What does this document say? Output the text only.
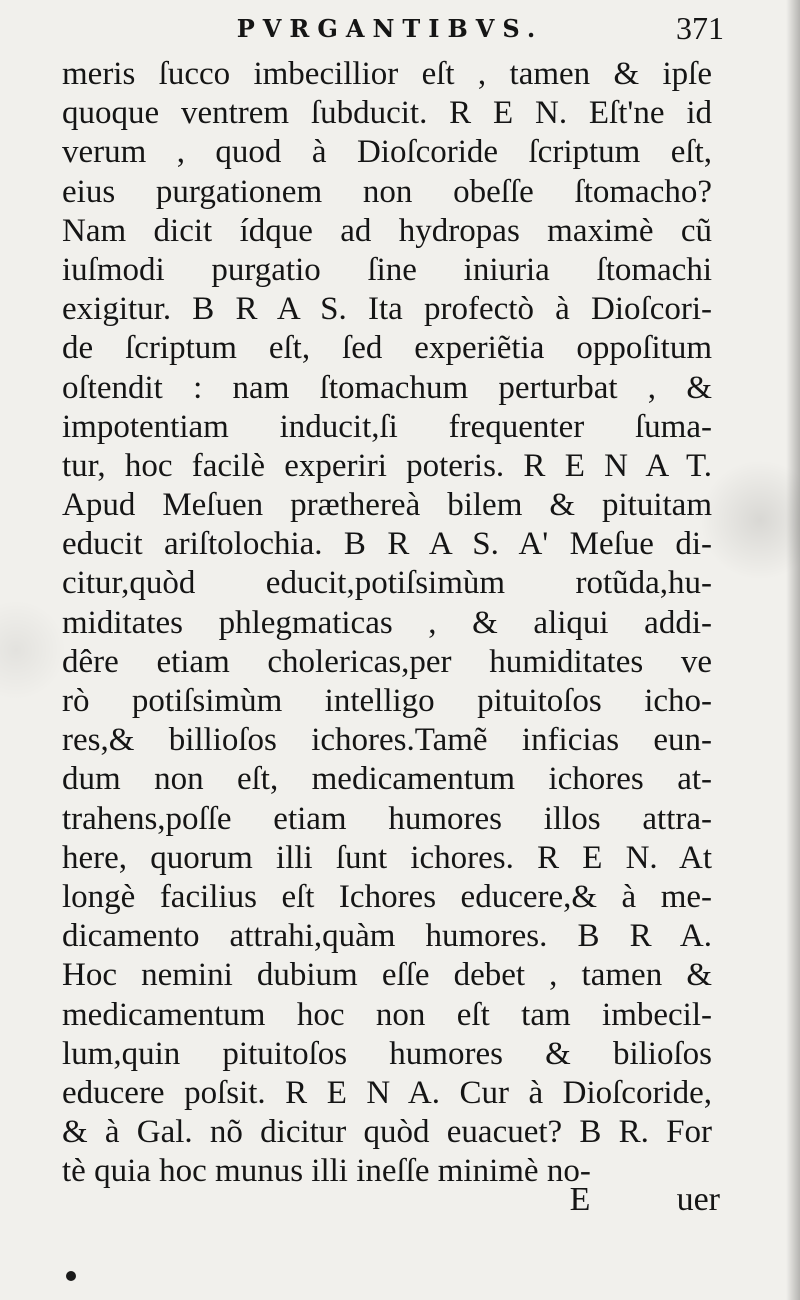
PVRGANTIBVS.	371
meris ſucco imbecillior eſt , tamen & ipſe
quoque ventrem ſubducit. R E N. Eſt'ne id
verum , quod à Dioſcoride ſcriptum eſt,
eius purgationem non obeſſe ſtomacho?
Nam dicit ídque ad hydropas maximè cũ
iuſmodi purgatio ſine iniuria ſtomachi
exigitur. B R A S. Ita profectò à Dioſcori-
de ſcriptum eſt, ſed experiẽtia oppoſitum
oſtendit : nam ſtomachum perturbat , &
impotentiam inducit,ſi frequenter ſuma-
tur, hoc facilè experiri poteris. R E N A T.
Apud Meſuen præthereà bilem & pituitam
educit ariſtolochia. B R A S. A' Meſue di-
citur,quòd educit,potiſsimùm rotũda,hu-
miditates phlegmaticas , & aliqui addi-
dêre etiam cholericas,per humiditates ve
rò potiſsimùm intelligo pituitoſos icho-
res,& billioſos ichores.Tamẽ inficias eun-
dum non eſt, medicamentum ichores at-
trahens,poſſe etiam humores illos attra-
here, quorum illi ſunt ichores. R E N. At
longè facilius eſt Ichores educere,& à me-
dicamento attrahi,quàm humores. B R A.
Hoc nemini dubium eſſe debet , tamen &
medicamentum hoc non eſt tam imbecil-
lum,quin pituitoſos humores & bilioſos
educere poſsit. R E N A. Cur à Dioſcoride,
& à Gal. nõ dicitur quòd euacuet? B R. For
tè quia hoc munus illi ineſſe minimè no-
E	uer
